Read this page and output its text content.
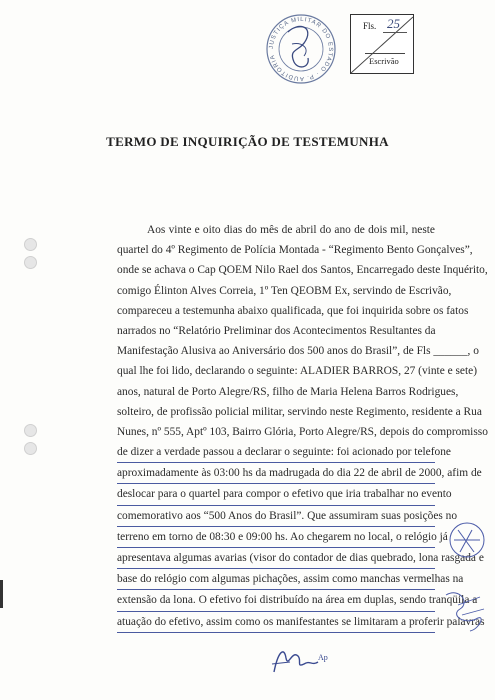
JUSTIÇA MILITAR DO ESTADO · P. AUDITORIA
Fls. 25
Escrivão
TERMO DE INQUIRIÇÃO DE TESTEMUNHA
Aos vinte e oito dias do mês de abril do ano de dois mil, neste
quartel do 4º Regimento de Polícia Montada - “Regimento Bento Gonçalves”,
onde se achava o Cap QOEM Nilo Rael dos Santos, Encarregado deste Inquérito,
comigo Élinton Alves Correia, 1º Ten QEOBM Ex, servindo de Escrivão,
compareceu a testemunha abaixo qualificada, que foi inquirida sobre os fatos
narrados no “Relatório Preliminar dos Acontecimentos Resultantes da
Manifestação Alusiva ao Aniversário dos 500 anos do Brasil”, de Fls ______, o
qual lhe foi lido, declarando o seguinte: ALADIER BARROS, 27 (vinte e sete)
anos, natural de Porto Alegre/RS, filho de Maria Helena Barros Rodrigues,
solteiro, de profissão policial militar, servindo neste Regimento, residente a Rua
Nunes, nº 555, Aptº 103, Bairro Glória, Porto Alegre/RS, depois do compromisso
de dizer a verdade passou a declarar o seguinte: foi acionado por telefone
aproximadamente às 03:00 hs da madrugada do dia 22 de abril de 2000, afim de
deslocar para o quartel para compor o efetivo que iria trabalhar no evento
comemorativo aos “500 Anos do Brasil”. Que assumiram suas posições no
terreno em torno de 08:30 e 09:00 hs. Ao chegarem no local, o relógio já
apresentava algumas avarias (visor do contador de dias quebrado, lona rasgada e
base do relógio com algumas pichações, assim como manchas vermelhas na
extensão da lona. O efetivo foi distribuído na área em duplas, sendo tranqüila a
atuação do efetivo, assim como os manifestantes se limitaram a proferir palavras
Ap
